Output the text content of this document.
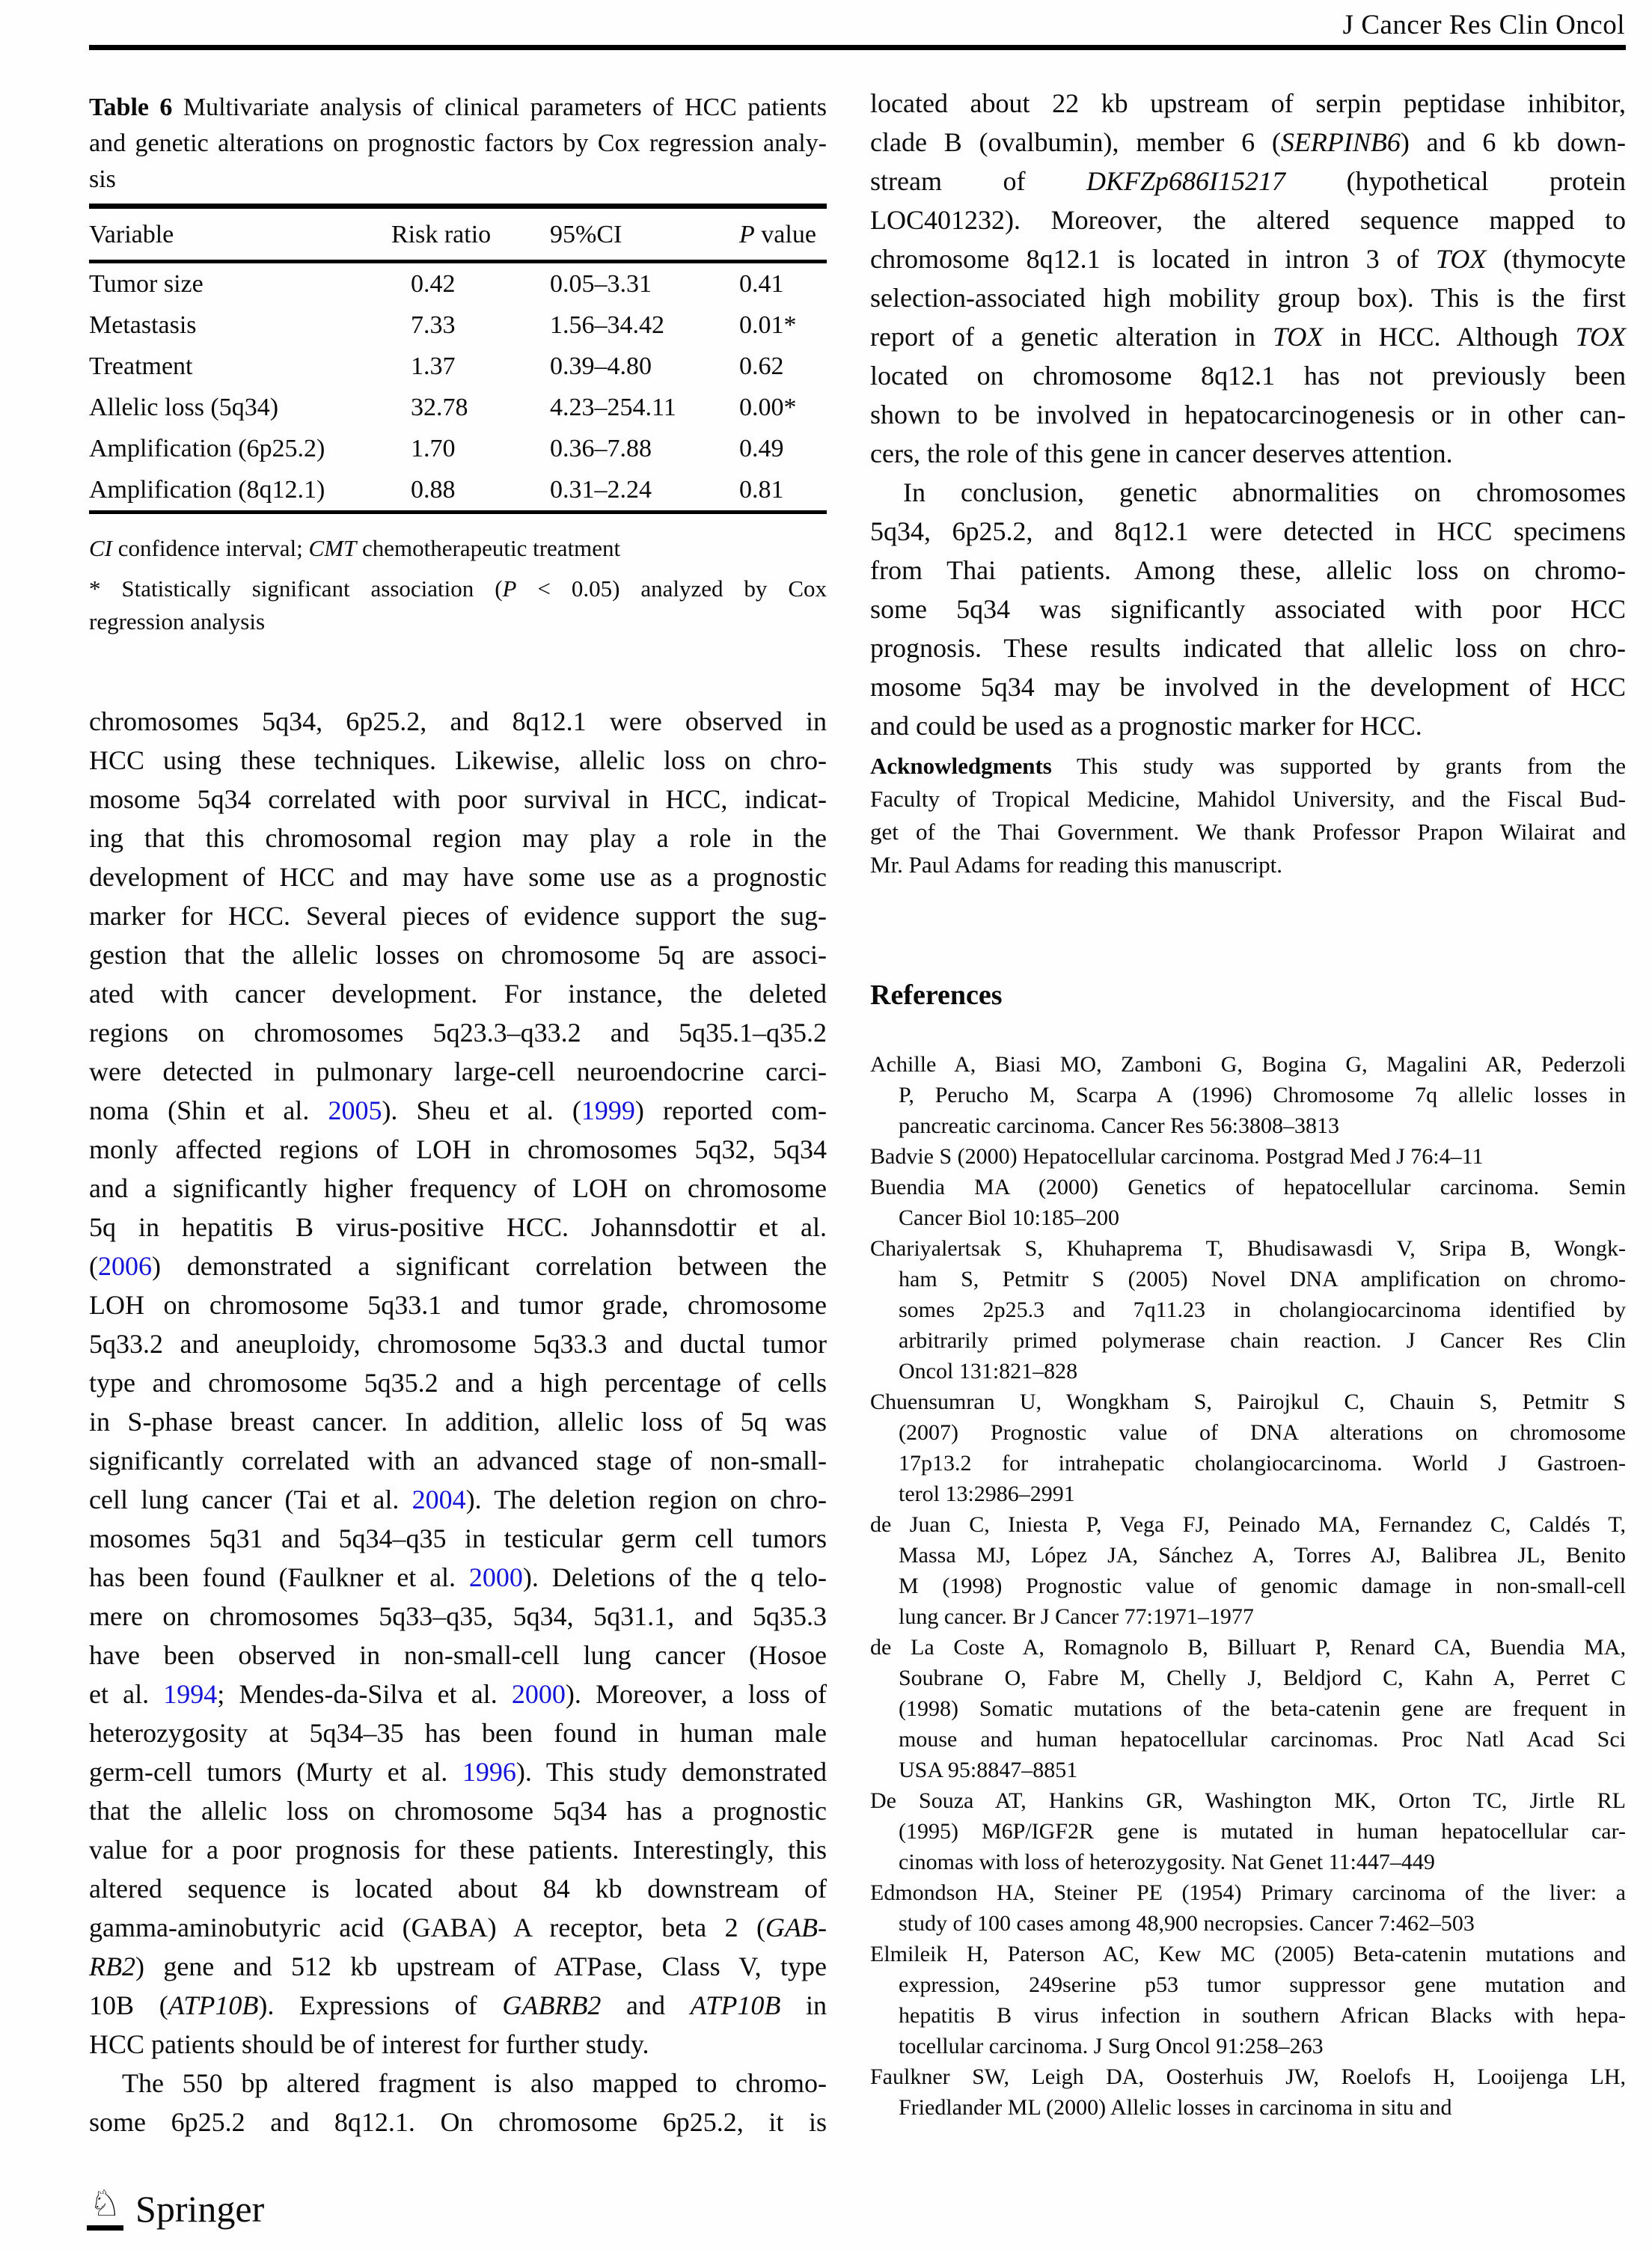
J Cancer Res Clin Oncol
Table 6 Multivariate analysis of clinical parameters of HCC patients
and genetic alterations on prognostic factors by Cox regression analy-
sis
Variable	Risk ratio	95%CI	P value
Tumor size	0.42	0.05–3.31	0.41
Metastasis	7.33	1.56–34.42	0.01*
Treatment	1.37	0.39–4.80	0.62
Allelic loss (5q34)	32.78	4.23–254.11	0.00*
Amplification (6p25.2)	1.70	0.36–7.88	0.49
Amplification (8q12.1)	0.88	0.31–2.24	0.81
CI confidence interval; CMT chemotherapeutic treatment
* Statistically significant association (P < 0.05) analyzed by Cox
regression analysis
chromosomes 5q34, 6p25.2, and 8q12.1 were observed in
HCC using these techniques. Likewise, allelic loss on chro-
mosome 5q34 correlated with poor survival in HCC, indicat-
ing that this chromosomal region may play a role in the
development of HCC and may have some use as a prognostic
marker for HCC. Several pieces of evidence support the sug-
gestion that the allelic losses on chromosome 5q are associ-
ated with cancer development. For instance, the deleted
regions on chromosomes 5q23.3–q33.2 and 5q35.1–q35.2
were detected in pulmonary large-cell neuroendocrine carci-
noma (Shin et al. 2005). Sheu et al. (1999) reported com-
monly affected regions of LOH in chromosomes 5q32, 5q34
and a significantly higher frequency of LOH on chromosome
5q in hepatitis B virus-positive HCC. Johannsdottir et al.
(2006) demonstrated a significant correlation between the
LOH on chromosome 5q33.1 and tumor grade, chromosome
5q33.2 and aneuploidy, chromosome 5q33.3 and ductal tumor
type and chromosome 5q35.2 and a high percentage of cells
in S-phase breast cancer. In addition, allelic loss of 5q was
significantly correlated with an advanced stage of non-small-
cell lung cancer (Tai et al. 2004). The deletion region on chro-
mosomes 5q31 and 5q34–q35 in testicular germ cell tumors
has been found (Faulkner et al. 2000). Deletions of the q telo-
mere on chromosomes 5q33–q35, 5q34, 5q31.1, and 5q35.3
have been observed in non-small-cell lung cancer (Hosoe
et al. 1994; Mendes-da-Silva et al. 2000). Moreover, a loss of
heterozygosity at 5q34–35 has been found in human male
germ-cell tumors (Murty et al. 1996). This study demonstrated
that the allelic loss on chromosome 5q34 has a prognostic
value for a poor prognosis for these patients. Interestingly, this
altered sequence is located about 84 kb downstream of
gamma-aminobutyric acid (GABA) A receptor, beta 2 (GAB-
RB2) gene and 512 kb upstream of ATPase, Class V, type
10B (ATP10B). Expressions of GABRB2 and ATP10B in
HCC patients should be of interest for further study.
The 550 bp altered fragment is also mapped to chromo-
some 6p25.2 and 8q12.1. On chromosome 6p25.2, it is
located about 22 kb upstream of serpin peptidase inhibitor,
clade B (ovalbumin), member 6 (SERPINB6) and 6 kb down-
stream of DKFZp686I15217 (hypothetical protein
LOC401232). Moreover, the altered sequence mapped to
chromosome 8q12.1 is located in intron 3 of TOX (thymocyte
selection-associated high mobility group box). This is the first
report of a genetic alteration in TOX in HCC. Although TOX
located on chromosome 8q12.1 has not previously been
shown to be involved in hepatocarcinogenesis or in other can-
cers, the role of this gene in cancer deserves attention.
In conclusion, genetic abnormalities on chromosomes
5q34, 6p25.2, and 8q12.1 were detected in HCC specimens
from Thai patients. Among these, allelic loss on chromo-
some 5q34 was significantly associated with poor HCC
prognosis. These results indicated that allelic loss on chro-
mosome 5q34 may be involved in the development of HCC
and could be used as a prognostic marker for HCC.
Acknowledgments This study was supported by grants from the
Faculty of Tropical Medicine, Mahidol University, and the Fiscal Bud-
get of the Thai Government. We thank Professor Prapon Wilairat and
Mr. Paul Adams for reading this manuscript.
References
Achille A, Biasi MO, Zamboni G, Bogina G, Magalini AR, Pederzoli
P, Perucho M, Scarpa A (1996) Chromosome 7q allelic losses in
pancreatic carcinoma. Cancer Res 56:3808–3813
Badvie S (2000) Hepatocellular carcinoma. Postgrad Med J 76:4–11
Buendia MA (2000) Genetics of hepatocellular carcinoma. Semin
Cancer Biol 10:185–200
Chariyalertsak S, Khuhaprema T, Bhudisawasdi V, Sripa B, Wongk-
ham S, Petmitr S (2005) Novel DNA amplification on chromo-
somes 2p25.3 and 7q11.23 in cholangiocarcinoma identified by
arbitrarily primed polymerase chain reaction. J Cancer Res Clin
Oncol 131:821–828
Chuensumran U, Wongkham S, Pairojkul C, Chauin S, Petmitr S
(2007) Prognostic value of DNA alterations on chromosome
17p13.2 for intrahepatic cholangiocarcinoma. World J Gastroen-
terol 13:2986–2991
de Juan C, Iniesta P, Vega FJ, Peinado MA, Fernandez C, Caldés T,
Massa MJ, López JA, Sánchez A, Torres AJ, Balibrea JL, Benito
M (1998) Prognostic value of genomic damage in non-small-cell
lung cancer. Br J Cancer 77:1971–1977
de La Coste A, Romagnolo B, Billuart P, Renard CA, Buendia MA,
Soubrane O, Fabre M, Chelly J, Beldjord C, Kahn A, Perret C
(1998) Somatic mutations of the beta-catenin gene are frequent in
mouse and human hepatocellular carcinomas. Proc Natl Acad Sci
USA 95:8847–8851
De Souza AT, Hankins GR, Washington MK, Orton TC, Jirtle RL
(1995) M6P/IGF2R gene is mutated in human hepatocellular car-
cinomas with loss of heterozygosity. Nat Genet 11:447–449
Edmondson HA, Steiner PE (1954) Primary carcinoma of the liver: a
study of 100 cases among 48,900 necropsies. Cancer 7:462–503
Elmileik H, Paterson AC, Kew MC (2005) Beta-catenin mutations and
expression, 249serine p53 tumor suppressor gene mutation and
hepatitis B virus infection in southern African Blacks with hepa-
tocellular carcinoma. J Surg Oncol 91:258–263
Faulkner SW, Leigh DA, Oosterhuis JW, Roelofs H, Looijenga LH,
Friedlander ML (2000) Allelic losses in carcinoma in situ and
♘ Springer
